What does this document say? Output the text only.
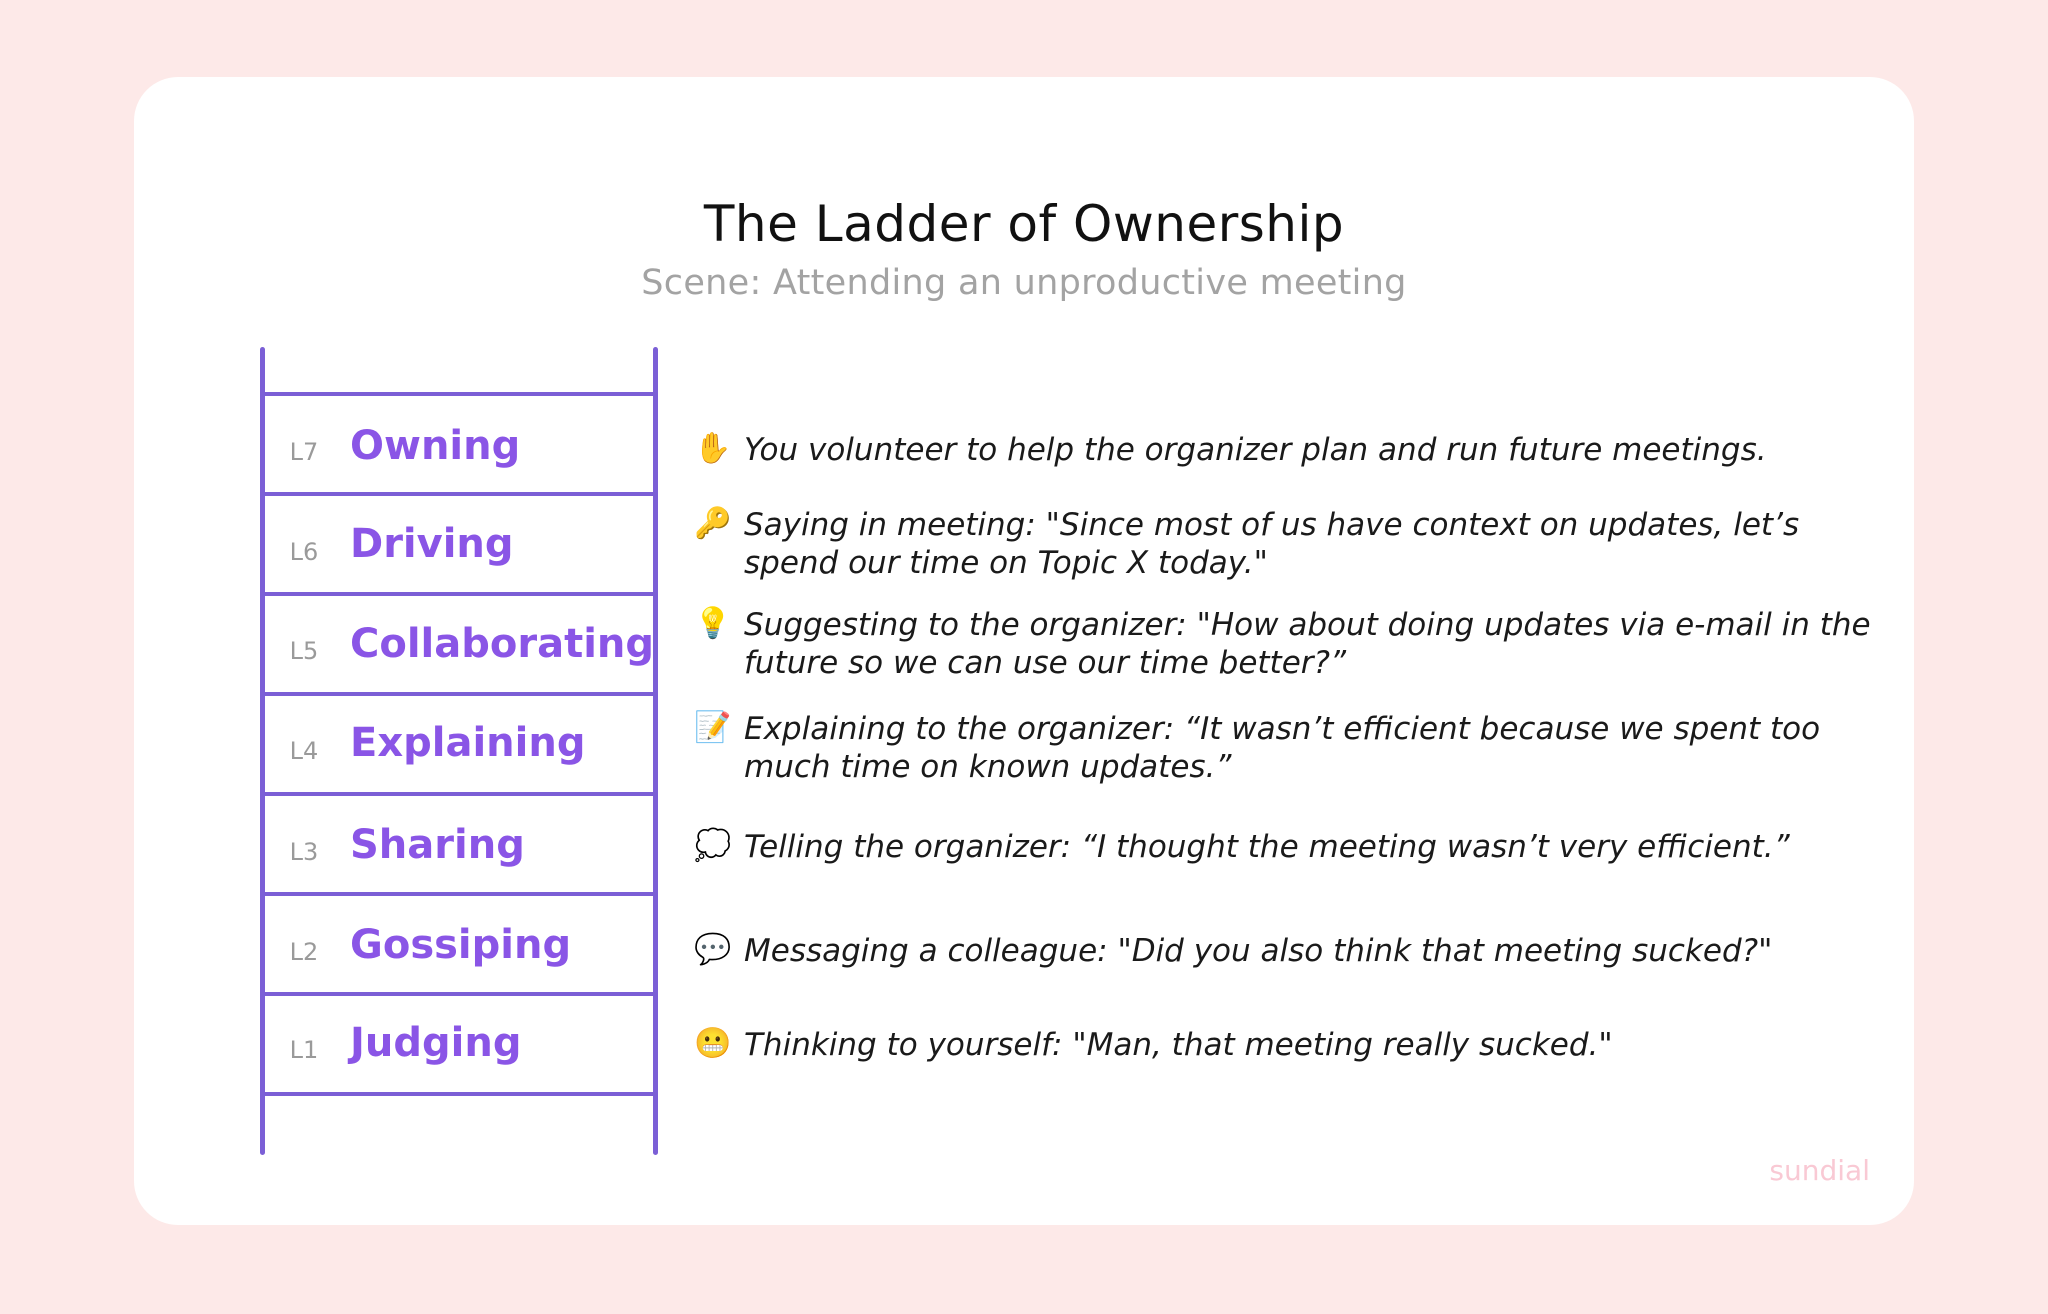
The Ladder of Ownership
Scene: Attending an unproductive meeting
L7 Owning
L6 Driving
L5 Collaborating
L4 Explaining
L3 Sharing
L2 Gossiping
L1 Judging
✋ You volunteer to help the organizer plan and run future meetings.
🔑 Saying in meeting: "Since most of us have context on updates, let’s spend our time on Topic X today."
💡 Suggesting to the organizer: "How about doing updates via e-mail in the future so we can use our time better?”
📝 Explaining to the organizer: “It wasn’t efficient because we spent too much time on known updates.”
💭 Telling the organizer: “I thought the meeting wasn’t very efficient.”
💬 Messaging a colleague: "Did you also think that meeting sucked?"
😬 Thinking to yourself: "Man, that meeting really sucked."
sundial
